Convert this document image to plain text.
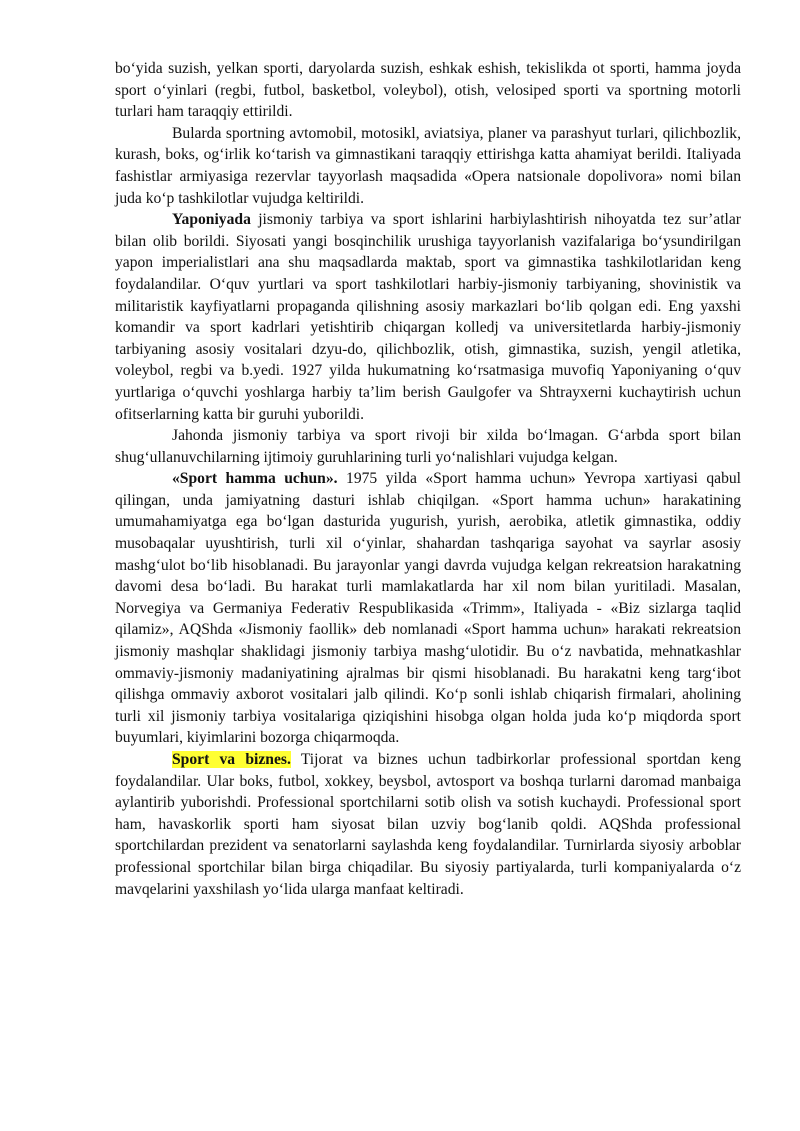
bo‘yida suzish, yelkan sporti, daryolarda suzish, eshkak eshish, tekislikda ot sporti, hamma joyda sport o‘yinlari (regbi, futbol, basketbol, voleybol), otish, velosiped sporti va sportning motorli turlari ham taraqqiy ettirildi.

Bularda sportning avtomobil, motosikl, aviatsiya, planer va parashyut turlari, qilichbozlik, kurash, boks, og‘irlik ko‘tarish va gimnastikani taraqqiy ettirishga katta ahamiyat berildi. Italiyada fashistlar armiyasiga rezervlar tayyorlash maqsadida «Opera natsionale dopolivora» nomi bilan juda ko‘p tashkilotlar vujudga keltirildi.

Yaponiyada jismoniy tarbiya va sport ishlarini harbiylashtirish nihoyatda tez sur’atlar bilan olib borildi. Siyosati yangi bosqinchilik urushiga tayyorlanish vazifalariga bo‘ysundirilgan yapon imperialistlari ana shu maqsadlarda maktab, sport va gimnastika tashkilotlaridan keng foydalandilar. O‘quv yurtlari va sport tashkilotlari harbiy-jismoniy tarbiyaning, shovinistik va militaristik kayfiyatlarni propaganda qilishning asosiy markazlari bo‘lib qolgan edi. Eng yaxshi komandir va sport kadrlari yetishtirib chiqargan kolledj va universitetlarda harbiy-jismoniy tarbiyaning asosiy vositalari dzyu-do, qilichbozlik, otish, gimnastika, suzish, yengil atletika, voleybol, regbi va b.yedi. 1927 yilda hukumatning ko‘rsatmasiga muvofiq Yaponiyaning o‘quv yurtlariga o‘quvchi yoshlarga harbiy ta’lim berish Gaulgofer va Shtrayxerni kuchaytirish uchun ofitserlarning katta bir guruhi yuborildi.

Jahonda jismoniy tarbiya va sport rivoji bir xilda bo‘lmagan. G‘arbda sport bilan shug‘ullanuvchilarning ijtimoiy guruhlarining turli yo‘nalishlari vujudga kelgan.

«Sport hamma uchun». 1975 yilda «Sport hamma uchun» Yevropa xartiyasi qabul qilingan, unda jamiyatning dasturi ishlab chiqilgan. «Sport hamma uchun» harakatining umumahamiyatga ega bo‘lgan dasturida yugurish, yurish, aerobika, atletik gimnastika, oddiy musobaqalar uyushtirish, turli xil o‘yinlar, shahardan tashqariga sayohat va sayrlar asosiy mashg‘ulot bo‘lib hisoblanadi. Bu jarayonlar yangi davrda vujudga kelgan rekreatsion harakatning davomi desa bo‘ladi. Bu harakat turli mamlakatlarda har xil nom bilan yuritiladi. Masalan, Norvegiya va Germaniya Federativ Respublikasida «Trimm», Italiyada - «Biz sizlarga taqlid qilamiz», AQShda «Jismoniy faollik» deb nomlanadi «Sport hamma uchun» harakati rekreatsion jismoniy mashqlar shaklidagi jismoniy tarbiya mashg‘ulotidir. Bu o‘z navbatida, mehnatkashlar ommaviy-jismoniy madaniyatining ajralmas bir qismi hisoblanadi. Bu harakatni keng targ‘ibot qilishga ommaviy axborot vositalari jalb qilindi. Ko‘p sonli ishlab chiqarish firmalari, aholining turli xil jismoniy tarbiya vositalariga qiziqishini hisobga olgan holda juda ko‘p miqdorda sport buyumlari, kiyimlarini bozorga chiqarmoqda.

Sport va biznes. Tijorat va biznes uchun tadbirkorlar professional sportdan keng foydalandilar. Ular boks, futbol, xokkey, beysbol, avtosport va boshqa turlarni daromad manbaiga aylantirib yuborishdi. Professional sportchilarni sotib olish va sotish kuchaydi. Professional sport ham, havaskorlik sporti ham siyosat bilan uzviy bog‘lanib qoldi. AQShda professional sportchilardan prezident va senatorlarni saylashda keng foydalandilar. Turnirlarda siyosiy arboblar professional sportchilar bilan birga chiqadilar. Bu siyosiy partiyalarda, turli kompaniyalarda o‘z mavqelarini yaxshilash yo‘lida ularga manfaat keltiradi.
